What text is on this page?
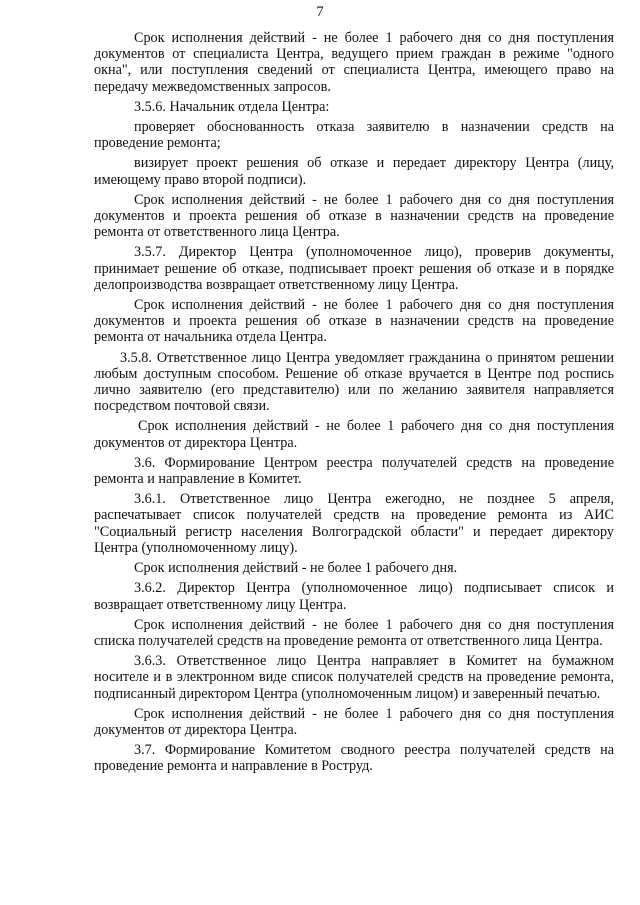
7

Срок исполнения действий - не более 1 рабочего дня со дня поступления документов от специалиста Центра, ведущего прием граждан в режиме "одного окна", или поступления сведений от специалиста Центра, имеющего право на передачу межведомственных запросов.

3.5.6. Начальник отдела Центра:

проверяет обоснованность отказа заявителю в назначении средств на проведение ремонта;

визирует проект решения об отказе и передает директору Центра (лицу, имеющему право второй подписи).

Срок исполнения действий - не более 1 рабочего дня со дня поступления документов и проекта решения об отказе в назначении средств на проведение ремонта от ответственного лица Центра.

3.5.7. Директор Центра (уполномоченное лицо), проверив документы, принимает решение об отказе, подписывает проект решения об отказе и в порядке делопроизводства возвращает ответственному лицу Центра.

Срок исполнения действий - не более 1 рабочего дня со дня поступления документов и проекта решения об отказе в назначении средств на проведение ремонта от начальника отдела Центра.

3.5.8. Ответственное лицо Центра уведомляет гражданина о принятом решении любым доступным способом. Решение об отказе вручается в Центре под роспись лично заявителю (его представителю) или по желанию заявителя направляется посредством почтовой связи.

Срок исполнения действий - не более 1 рабочего дня со дня поступления документов от директора Центра.

3.6. Формирование Центром реестра получателей средств на проведение ремонта и направление в Комитет.

3.6.1. Ответственное лицо Центра ежегодно, не позднее 5 апреля, распечатывает список получателей средств на проведение ремонта из АИС "Социальный регистр населения Волгоградской области" и передает директору Центра (уполномоченному лицу).

Срок исполнения действий - не более 1 рабочего дня.

3.6.2. Директор Центра (уполномоченное лицо) подписывает список и возвращает ответственному лицу Центра.

Срок исполнения действий - не более 1 рабочего дня со дня поступления списка получателей средств на проведение ремонта от ответственного лица Центра.

3.6.3. Ответственное лицо Центра направляет в Комитет на бумажном носителе и в электронном виде список получателей средств на проведение ремонта, подписанный директором Центра (уполномоченным лицом) и заверенный печатью.

Срок исполнения действий - не более 1 рабочего дня со дня поступления документов от директора Центра.

3.7. Формирование Комитетом сводного реестра получателей средств на проведение ремонта и направление в Роструд.
